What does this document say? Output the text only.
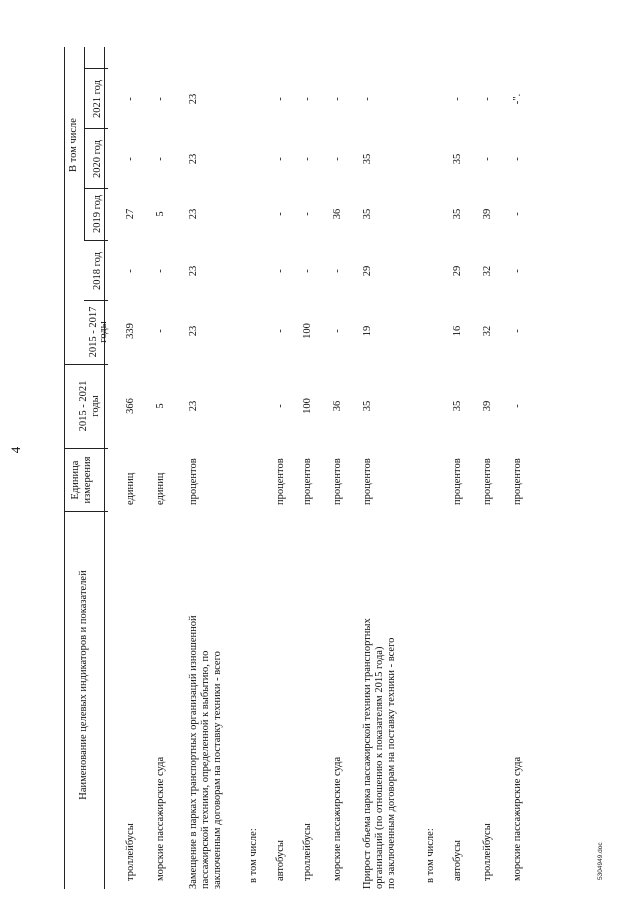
4
Наименование целевых индикаторов и показателей
Единица измерения
2015 - 2021 годы
В том числе
2015 - 2017 годы
2018 год
2019 год
2020 год
2021 год
троллейбусы
единиц
366
339
-
27
-
-
морские пассажирские суда
единиц
5
-
-
5
-
-
Замещение в парках транспортных организаций изношенной пассажирской техники, определенной к выбытию, по заключенным договорам на поставку техники - всего
процентов
23
23
23
23
23
23
в том числе: автобусы
процентов
-
-
-
-
-
-
троллейбусы
процентов
100
100
-
-
-
-
морские пассажирские суда
процентов
36
-
-
36
-
-
Прирост объема парка пассажирской техники транспортных организаций (по отношению к показателям 2015 года) по заключенным договорам на поставку техники - всего
процентов
35
19
29
35
35
-
в том числе: автобусы
процентов
35
16
29
35
35
-
троллейбусы
процентов
39
32
32
39
-
-
морские пассажирские суда
процентов
-
-
-
-
-
-".
5304949.doc
